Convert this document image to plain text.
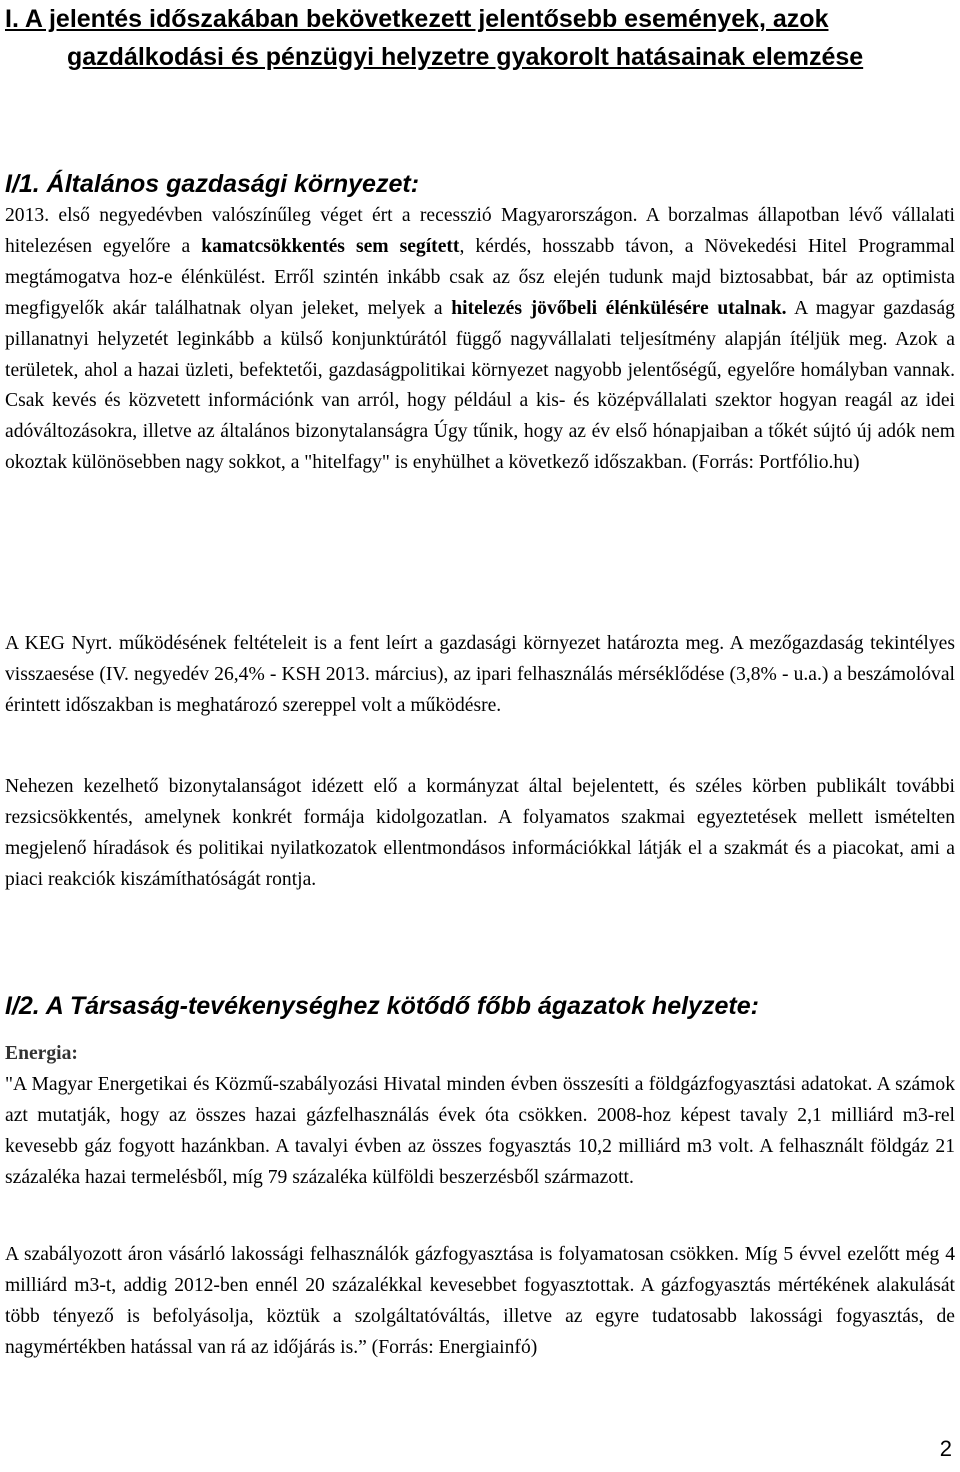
I. A jelentés időszakában bekövetkezett jelentősebb események, azok
gazdálkodási és pénzügyi helyzetre gyakorolt hatásainak elemzése
I/1. Általános gazdasági környezet:

2013. első negyedévben valószínűleg véget ért a recesszió Magyarországon. A borzalmas állapotban lévő vállalati hitelezésen egyelőre a kamatcsökkentés sem segített, kérdés, hosszabb távon, a Növekedési Hitel Programmal megtámogatva hoz-e élénkülést. Erről szintén inkább csak az ősz elején tudunk majd biztosabbat, bár az optimista megfigyelők akár találhatnak olyan jeleket, melyek a hitelezés jövőbeli élénkülésére utalnak. A magyar gazdaság pillanatnyi helyzetét leginkább a külső konjunktúrától függő nagyvállalati teljesítmény alapján ítéljük meg. Azok a területek, ahol a hazai üzleti, befektetői, gazdaságpolitikai környezet nagyobb jelentőségű, egyelőre homályban vannak. Csak kevés és közvetett információnk van arról, hogy például a kis- és középvállalati szektor hogyan reagál az idei adóváltozásokra, illetve az általános bizonytalanságra Úgy tűnik, hogy az év első hónapjaiban a tőkét sújtó új adók nem okoztak különösebben nagy sokkot, a "hitelfagy" is enyhülhet a következő időszakban. (Forrás: Portfólio.hu)

A KEG Nyrt. működésének feltételeit is a fent leírt a gazdasági környezet határozta meg. A mezőgazdaság tekintélyes visszaesése (IV. negyedév 26,4% - KSH 2013. március), az ipari felhasználás mérséklődése (3,8% - u.a.) a beszámolóval érintett időszakban is meghatározó szereppel volt a működésre.

Nehezen kezelhető bizonytalanságot idézett elő a kormányzat által bejelentett, és széles körben publikált további rezsicsökkentés, amelynek konkrét formája kidolgozatlan. A folyamatos szakmai egyeztetések mellett ismételten megjelenő híradások és politikai nyilatkozatok ellentmondásos információkkal látják el a szakmát és a piacokat, ami a piaci reakciók kiszámíthatóságát rontja.

I/2. A Társaság-tevékenységhez kötődő főbb ágazatok helyzete:

Energia:

"A Magyar Energetikai és Közmű-szabályozási Hivatal minden évben összesíti a földgázfogyasztási adatokat. A számok azt mutatják, hogy az összes hazai gázfelhasználás évek óta csökken. 2008-hoz képest tavaly 2,1 milliárd m3-rel kevesebb gáz fogyott hazánkban. A tavalyi évben az összes fogyasztás 10,2 milliárd m3 volt. A felhasznált földgáz 21 százaléka hazai termelésből, míg 79 százaléka külföldi beszerzésből származott.

A szabályozott áron vásárló lakossági felhasználók gázfogyasztása is folyamatosan csökken. Míg 5 évvel ezelőtt még 4 milliárd m3-t, addig 2012-ben ennél 20 százalékkal kevesebbet fogyasztottak. A gázfogyasztás mértékének alakulását több tényező is befolyásolja, köztük a szolgáltatóváltás, illetve az egyre tudatosabb lakossági fogyasztás, de nagymértékben hatással van rá az időjárás is.” (Forrás: Energiainfó)

2
